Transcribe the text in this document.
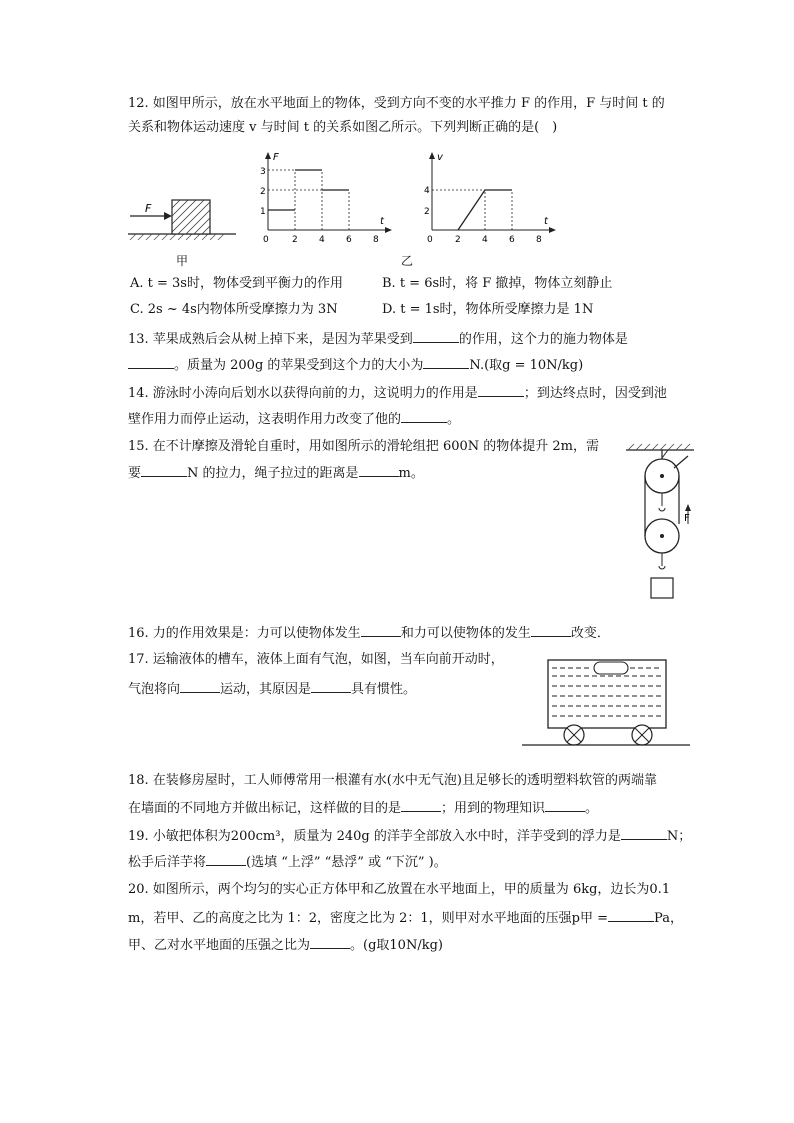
12. 如图甲所示，放在水平地面上的物体，受到方向不变的水平推力 F 的作用，F 与时间 t 的
关系和物体运动速度 v 与时间 t 的关系如图乙所示。下列判断正确的是(　)
F
F
t
1
2
3
0	2 4 6 8
v
t
2
4
0 2 4 6 8
甲	乙
A. t = 3s时，物体受到平衡力的作用	B. t = 6s时，将 F 撤掉，物体立刻静止
C. 2s ~ 4s内物体所受摩擦力为 3N	D. t = 1s时，物体所受摩擦力是 1N
13. 苹果成熟后会从树上掉下来，是因为苹果受到	的作用，这个力的施力物体是
。质量为 200g 的苹果受到这个力的大小为	N.(取g = 10N/kg)
14. 游泳时小涛向后划水以获得向前的力，这说明力的作用是	；到达终点时，因受到池
壁作用力而停止运动，这表明作用力改变了他的	。
15. 在不计摩擦及滑轮自重时，用如图所示的滑轮组把 600N 的物体提升 2m，需
要	N 的拉力，绳子拉过的距离是	m。
F
16. 力的作用效果是：力可以使物体发生	和力可以使物体的发生	改变．
17. 运输液体的槽车，液体上面有气泡，如图，当车向前开动时，
气泡将向	运动，其原因是	具有惯性。
18. 在装修房屋时，工人师傅常用一根灌有水(水中无气泡)且足够长的透明塑料软管的两端靠
在墙面的不同地方并做出标记，这样做的目的是	；用到的物理知识	。
19. 小敏把体积为200cm³，质量为 240g 的洋芋全部放入水中时，洋芋受到的浮力是	N；
松手后洋芋将	(选填 “上浮” “悬浮” 或 “下沉” )。
20. 如图所示，两个均匀的实心正方体甲和乙放置在水平地面上，甲的质量为 6kg，边长为0.1
m，若甲、乙的高度之比为 1：2，密度之比为 2：1，则甲对水平地面的压强p甲 =	Pa，
甲、乙对水平地面的压强之比为	。(g取10N/kg)
